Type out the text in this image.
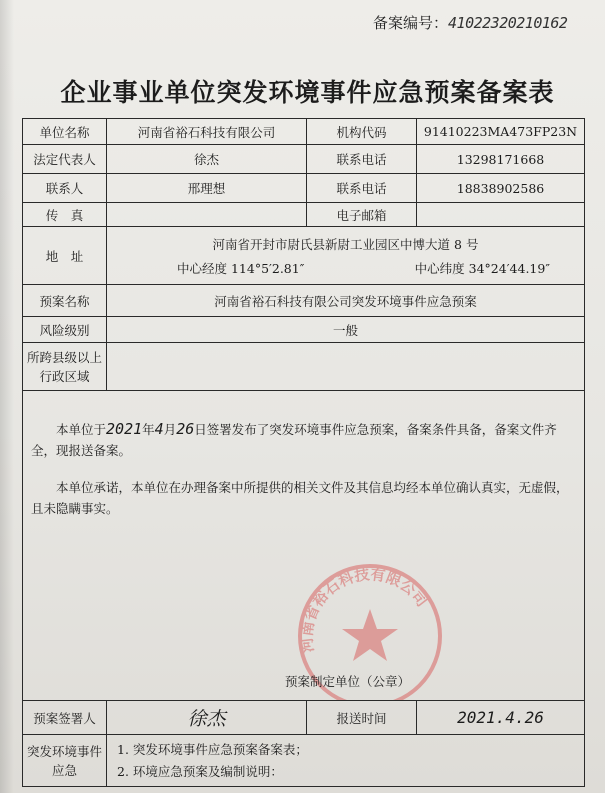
备案编号：41022320210162
企业事业单位突发环境事件应急预案备案表
单位名称	河南省裕石科技有限公司	机构代码	91410223MA473FP23N
法定代表人	徐杰	联系电话	13298171668
联系人	邢理想	联系电话	18838902586
传　真		电子邮箱	
地　址	河南省开封市尉氏县新尉工业园区中博大道 8 号
中心经度 114°5′2.81″ 中心纬度 34°24′44.19″		

预案名称	河南省裕石科技有限公司突发环境事件应急预案		
风险级别	一般		
所跨县级以上行政区域			

本单位于2021年4月26日签署发布了突发环境事件应急预案，备案条件具备，备案文件齐全，现报送备案。

本单位承诺，本单位在办理备案中所提供的相关文件及其信息均经本单位确认真实，无虚假，且未隐瞒事实。

河南省裕石科技有限公司
预案制定单位（公章）			

预案签署人	徐杰	报送时间	2021.4.26
突发环境事件应急	1. 突发环境事件应急预案备案表；
2. 环境应急预案及编制说明：		
